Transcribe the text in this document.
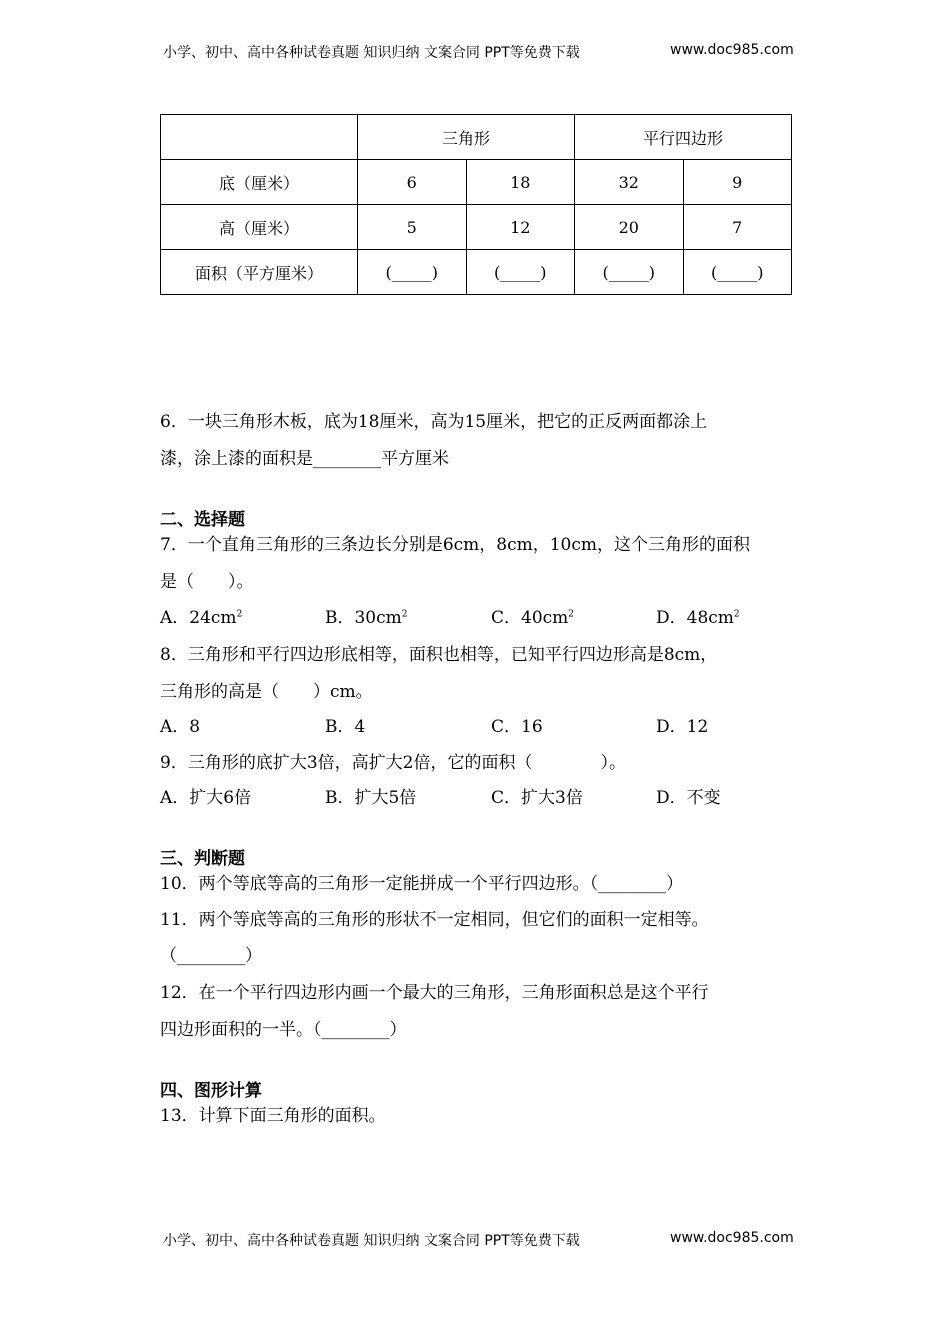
小学、初中、高中各种试卷真题 知识归纳 文案合同 PPT等免费下载	www.doc985.com
	三角形		平行四边形	
底（厘米）	6	18	32	9
高（厘米）	5	12	20	7
面积（平方厘米）	(_____)	(_____)	(_____)	(_____)
6．一块三角形木板，底为18厘米，高为15厘米，把它的正反两面都涂上
漆，涂上漆的面积是________平方厘米
二、选择题
7．一个直角三角形的三条边长分别是6cm，8cm，10cm，这个三角形的面积
是（　　）。
A．$24cm^2$	B．$30cm^2$	C．$40cm^2$	D．$48cm^2$
8．三角形和平行四边形底相等，面积也相等，已知平行四边形高是8cm，
三角形的高是（　　）cm。
A．8	B．4	C．16	D．12
9．三角形的底扩大3倍，高扩大2倍，它的面积（　　　　）。
A．扩大6倍	B．扩大5倍	C．扩大3倍	D．不变
三、判断题
10．两个等底等高的三角形一定能拼成一个平行四边形。（________）
11．两个等底等高的三角形的形状不一定相同，但它们的面积一定相等。
（________）
12．在一个平行四边形内画一个最大的三角形，三角形面积总是这个平行
四边形面积的一半。（________）
四、图形计算
13．计算下面三角形的面积。
小学、初中、高中各种试卷真题 知识归纳 文案合同 PPT等免费下载	www.doc985.com
